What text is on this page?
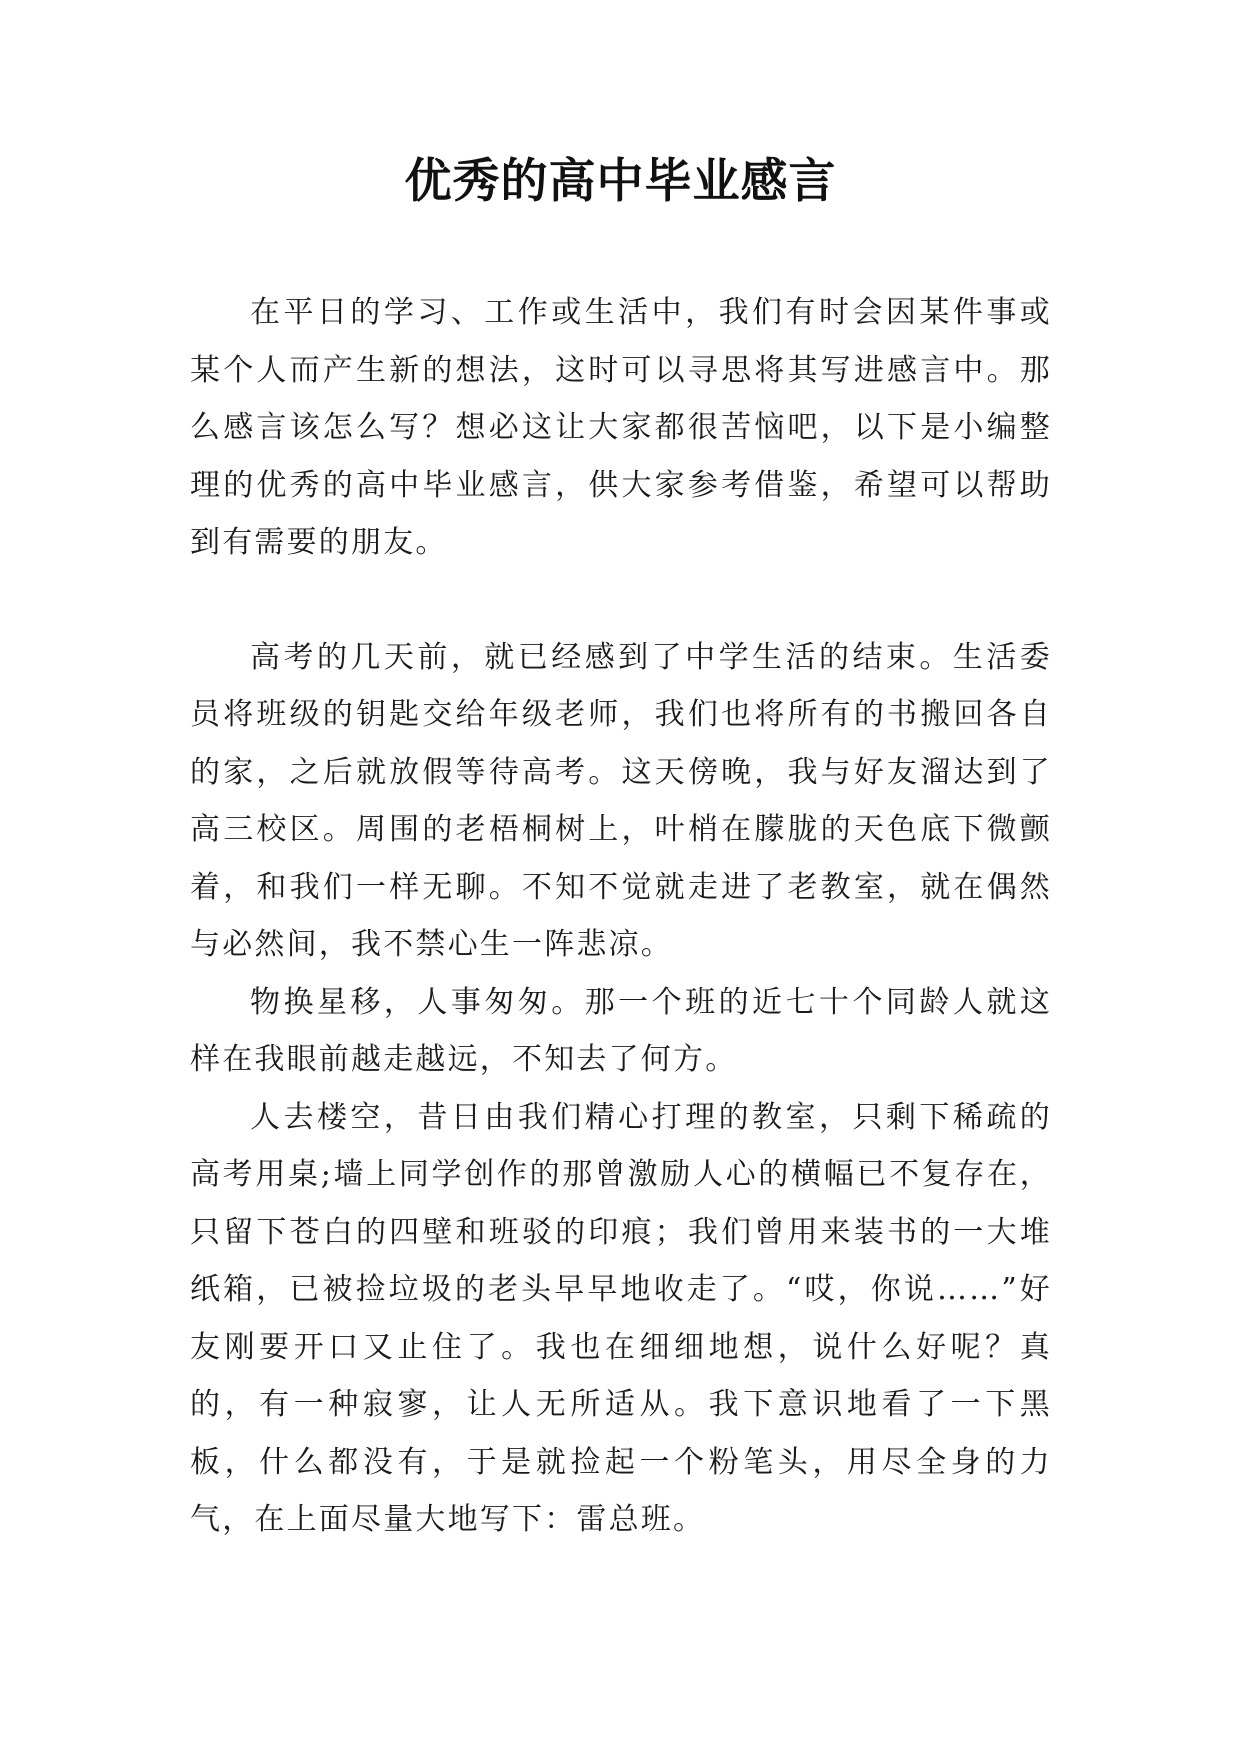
优秀的高中毕业感言

在平日的学习、工作或生活中，我们有时会因某件事或某个人而产生新的想法，这时可以寻思将其写进感言中。那么感言该怎么写？想必这让大家都很苦恼吧，以下是小编整理的优秀的高中毕业感言，供大家参考借鉴，希望可以帮助到有需要的朋友。

高考的几天前，就已经感到了中学生活的结束。生活委员将班级的钥匙交给年级老师，我们也将所有的书搬回各自的家，之后就放假等待高考。这天傍晚，我与好友溜达到了高三校区。周围的老梧桐树上，叶梢在朦胧的天色底下微颤着，和我们一样无聊。不知不觉就走进了老教室，就在偶然与必然间，我不禁心生一阵悲凉。

物换星移，人事匆匆。那一个班的近七十个同龄人就这样在我眼前越走越远，不知去了何方。

人去楼空，昔日由我们精心打理的教室，只剩下稀疏的高考用桌;墙上同学创作的那曾激励人心的横幅已不复存在，只留下苍白的四壁和班驳的印痕；我们曾用来装书的一大堆纸箱，已被捡垃圾的老头早早地收走了。“哎，你说……”好友刚要开口又止住了。我也在细细地想，说什么好呢？真的，有一种寂寥，让人无所适从。我下意识地看了一下黑板，什么都没有，于是就捡起一个粉笔头，用尽全身的力气，在上面尽量大地写下：雷总班。
